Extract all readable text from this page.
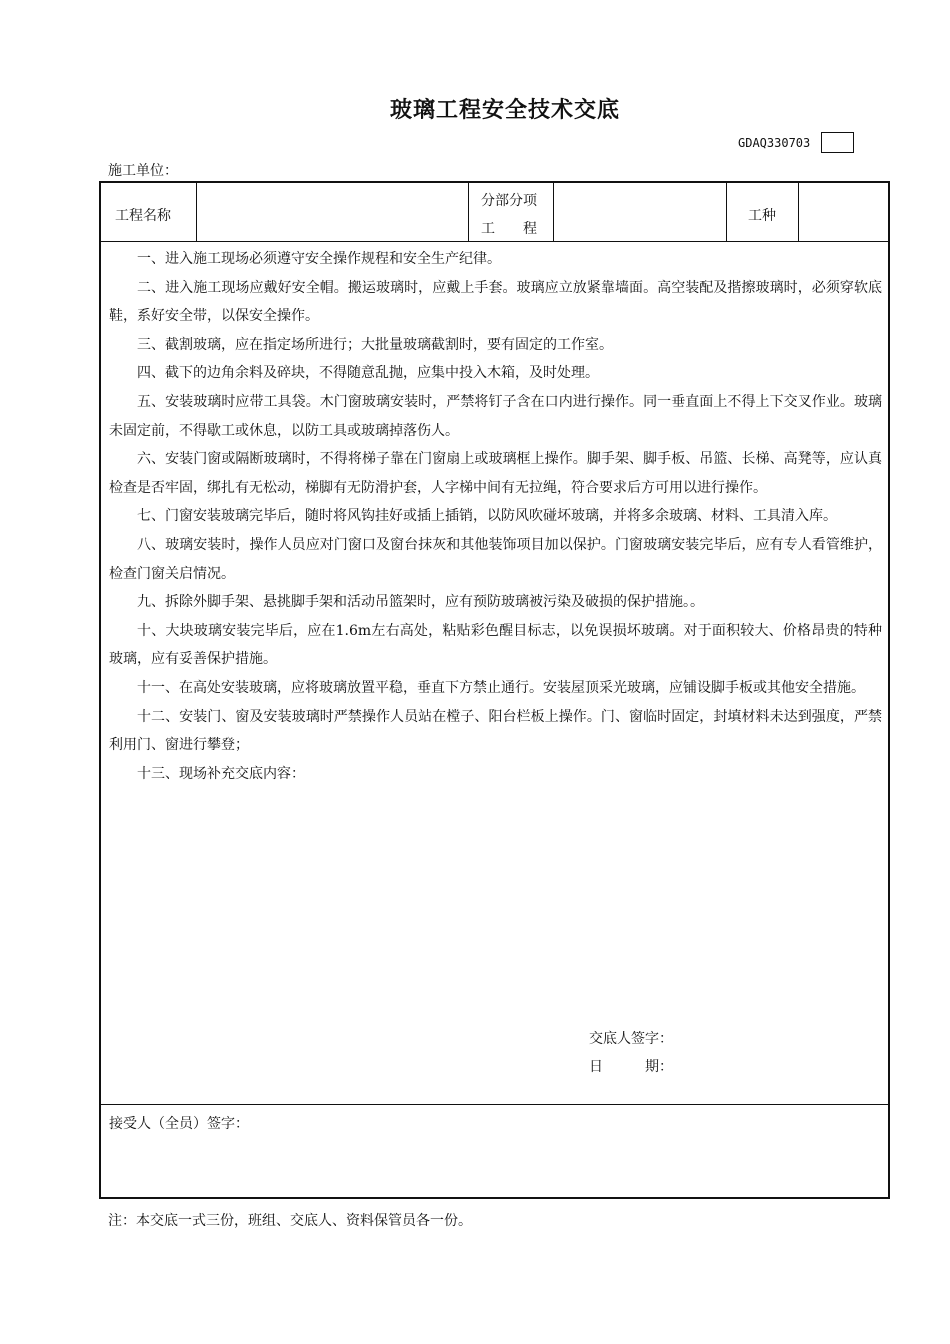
玻璃工程安全技术交底
GDAQ330703
施工单位：
工程名称
分部分项
工　　程
工种

一、进入施工现场必须遵守安全操作规程和安全生产纪律。

二、进入施工现场应戴好安全帽。搬运玻璃时，应戴上手套。玻璃应立放紧靠墙面。高空装配及揩擦玻璃时，必须穿软底鞋，系好安全带，以保安全操作。

三、截割玻璃，应在指定场所进行；大批量玻璃截割时，要有固定的工作室。

四、截下的边角余料及碎块，不得随意乱抛，应集中投入木箱，及时处理。

五、安装玻璃时应带工具袋。木门窗玻璃安装时，严禁将钉子含在口内进行操作。同一垂直面上不得上下交叉作业。玻璃未固定前，不得歇工或休息，以防工具或玻璃掉落伤人。

六、安装门窗或隔断玻璃时，不得将梯子靠在门窗扇上或玻璃框上操作。脚手架、脚手板、吊篮、长梯、高凳等，应认真检查是否牢固，绑扎有无松动，梯脚有无防滑护套，人字梯中间有无拉绳，符合要求后方可用以进行操作。

七、门窗安装玻璃完毕后，随时将风钩挂好或插上插销，以防风吹碰坏玻璃，并将多余玻璃、材料、工具清入库。

八、玻璃安装时，操作人员应对门窗口及窗台抹灰和其他装饰项目加以保护。门窗玻璃安装完毕后，应有专人看管维护，检查门窗关启情况。

九、拆除外脚手架、悬挑脚手架和活动吊篮架时，应有预防玻璃被污染及破损的保护措施。。

十、大块玻璃安装完毕后，应在1.6m左右高处，粘贴彩色醒目标志，以免误损坏玻璃。对于面积较大、价格昂贵的特种玻璃，应有妥善保护措施。

十一、在高处安装玻璃，应将玻璃放置平稳，垂直下方禁止通行。安装屋顶采光玻璃，应铺设脚手板或其他安全措施。

十二、安装门、窗及安装玻璃时严禁操作人员站在樘子、阳台栏板上操作。门、窗临时固定，封填材料未达到强度，严禁利用门、窗进行攀登；

十三、现场补充交底内容：

交底人签字：
日　　　期：
接受人（全员）签字：
注：本交底一式三份，班组、交底人、资料保管员各一份。
